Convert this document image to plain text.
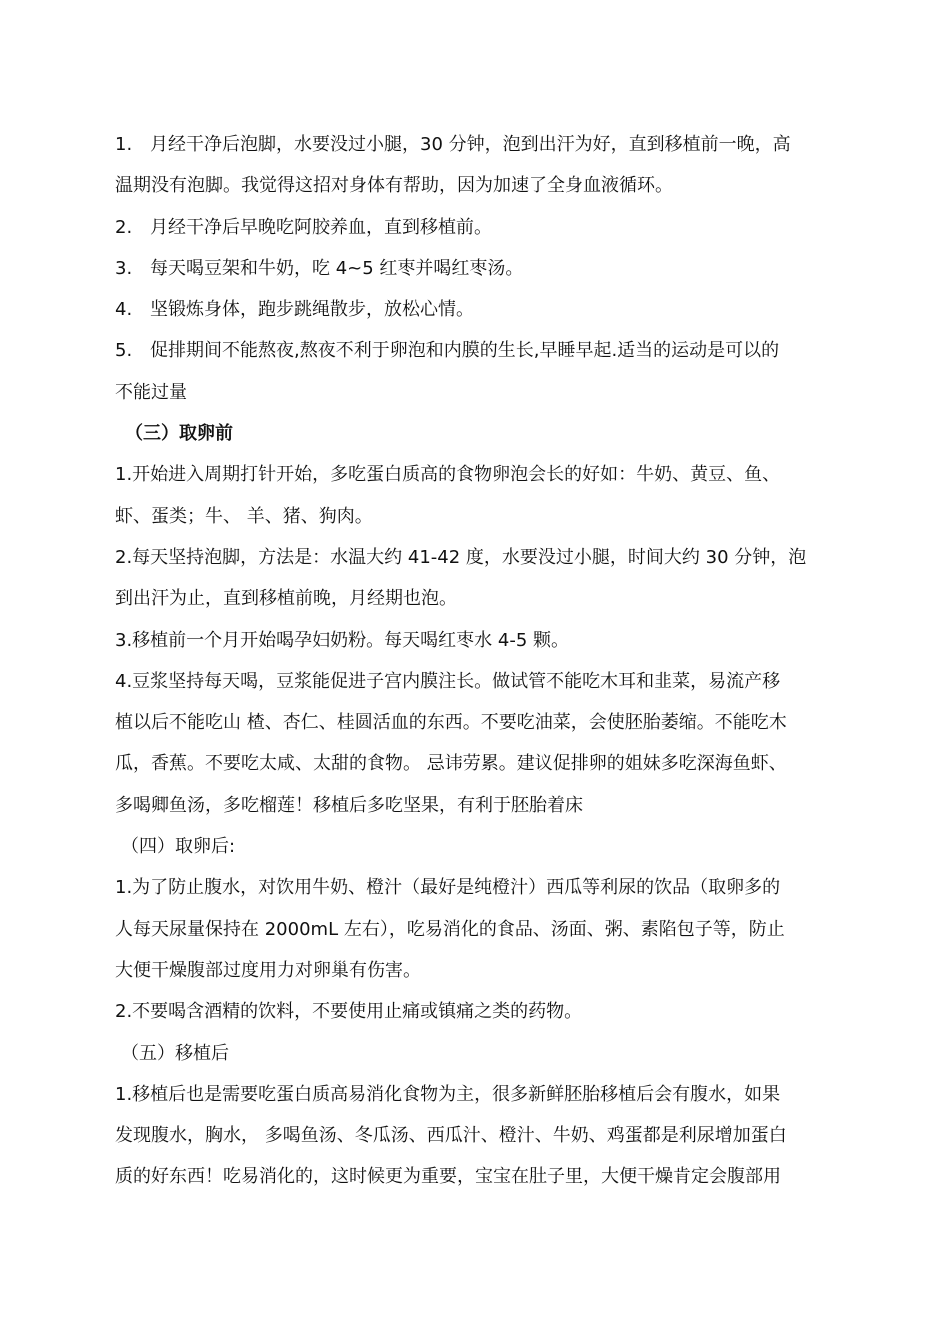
1. 月经干净后泡脚，水要没过小腿，30 分钟，泡到出汗为好，直到移植前一晚，高
温期没有泡脚。我觉得这招对身体有帮助，因为加速了全身血液循环。
2. 月经干净后早晚吃阿胶养血，直到移植前。
3. 每天喝豆架和牛奶，吃 4~5 红枣并喝红枣汤。
4. 坚锻炼身体，跑步跳绳散步，放松心情。
5. 促排期间不能熬夜,熬夜不利于卵泡和内膜的生长,早睡早起.适当的运动是可以的
不能过量
（三）取卵前
1.开始进入周期打针开始，多吃蛋白质高的食物卵泡会长的好如：牛奶、黄豆、鱼、
虾、蛋类；牛、 羊、猪、狗肉。
2.每天坚持泡脚，方法是：水温大约 41-42 度，水要没过小腿，时间大约 30 分钟，泡
到出汗为止，直到移植前晚，月经期也泡。
3.移植前一个月开始喝孕妇奶粉。每天喝红枣水 4-5 颗。
4.豆浆坚持每天喝，豆浆能促进子宫内膜注长。做试管不能吃木耳和韭菜，易流产移
植以后不能吃山 楂、杏仁、桂圆活血的东西。不要吃油菜，会使胚胎萎缩。不能吃木
瓜，香蕉。不要吃太咸、太甜的食物。 忌讳劳累。建议促排卵的姐妹多吃深海鱼虾、
多喝卿鱼汤，多吃榴莲！移植后多吃坚果，有利于胚胎着床
（四）取卵后:
1.为了防止腹水，对饮用牛奶、橙汁（最好是纯橙汁）西瓜等利尿的饮品（取卵多的
人每天尿量保持在 2000mL 左右），吃易消化的食品、汤面、粥、素陷包子等，防止
大便干燥腹部过度用力对卵巢有伤害。
2.不要喝含酒精的饮料，不要使用止痛或镇痛之类的药物。
（五）移植后
1.移植后也是需要吃蛋白质高易消化食物为主，很多新鲜胚胎移植后会有腹水，如果
发现腹水，胸水， 多喝鱼汤、冬瓜汤、西瓜汁、橙汁、牛奶、鸡蛋都是利尿增加蛋白
质的好东西！吃易消化的，这时候更为重要，宝宝在肚子里，大便干燥肯定会腹部用
